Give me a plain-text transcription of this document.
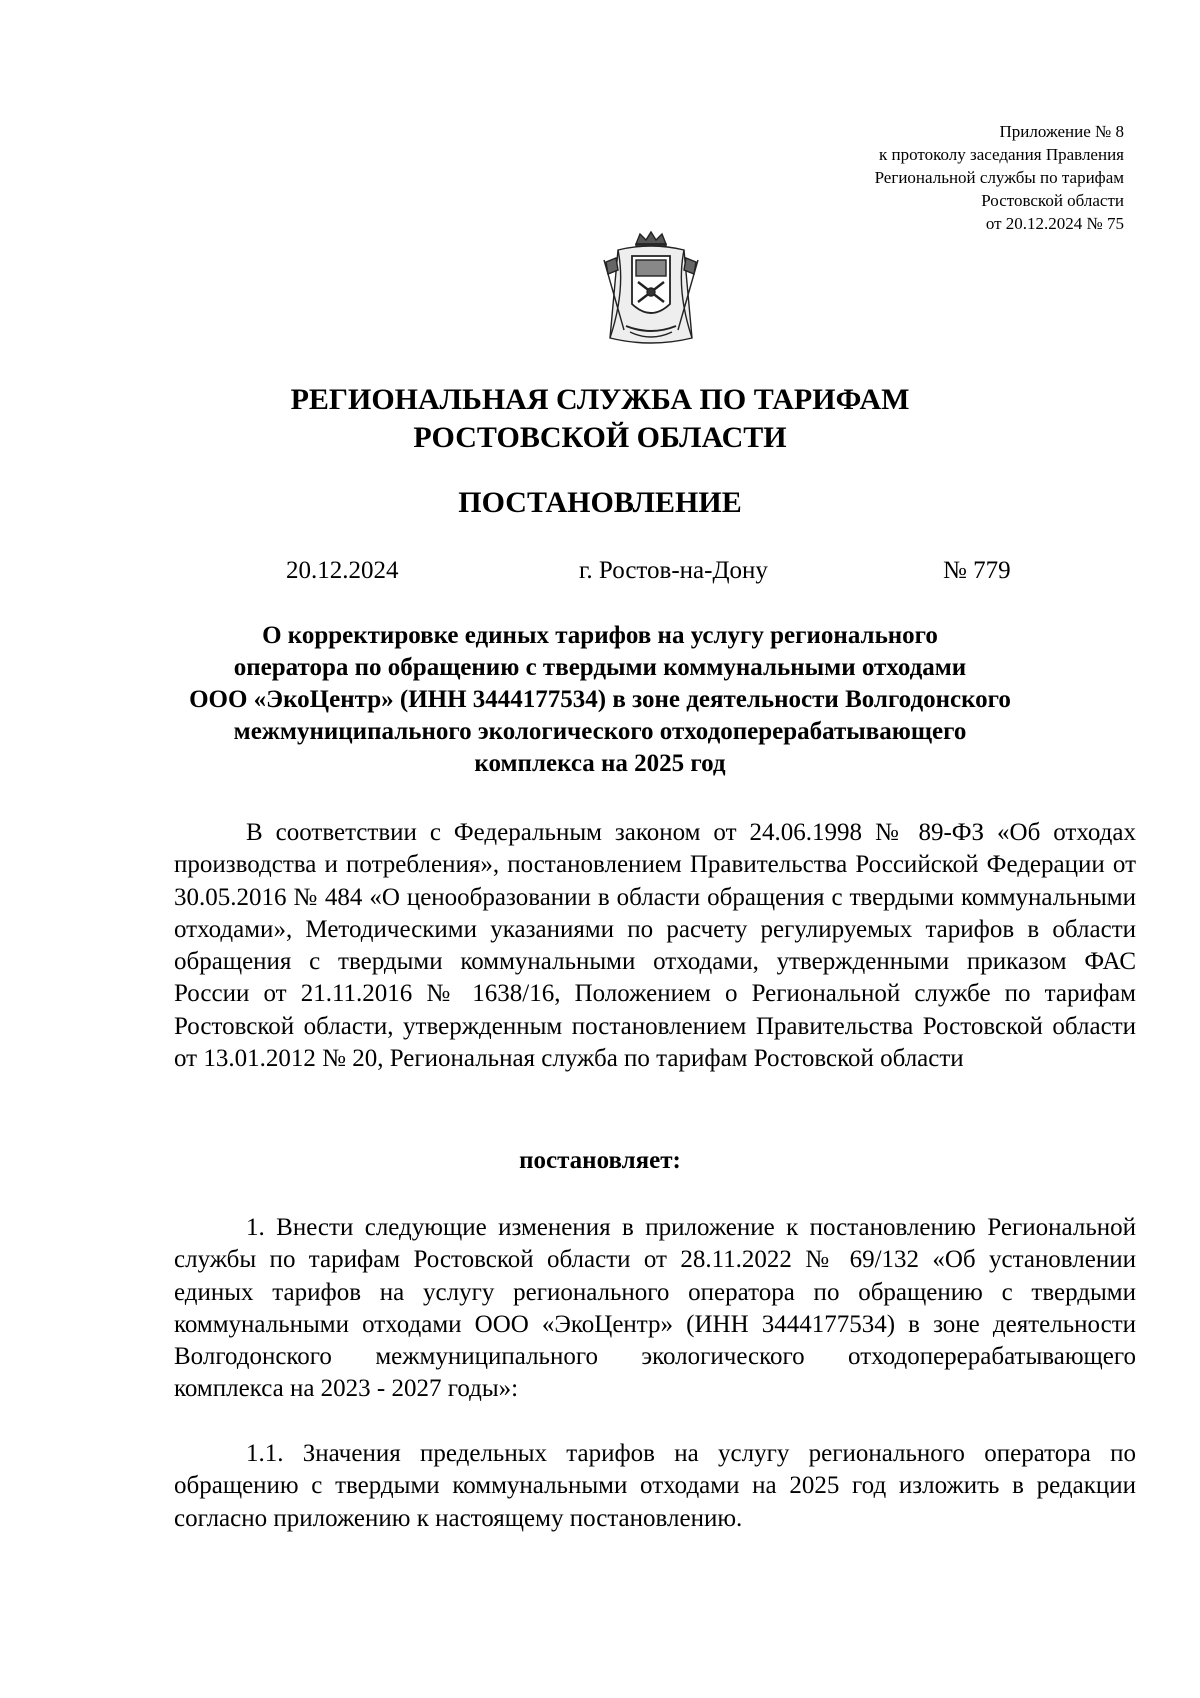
Приложение № 8
к протоколу заседания Правления
Региональной службы по тарифам
Ростовской области
от 20.12.2024 № 75
РЕГИОНАЛЬНАЯ СЛУЖБА ПО ТАРИФАМ
РОСТОВСКОЙ ОБЛАСТИ
ПОСТАНОВЛЕНИЕ
20.12.2024	г. Ростов-на-Дону	№ 779
О корректировке единых тарифов на услугу регионального
оператора по обращению с твердыми коммунальными отходами
ООО «ЭкоЦентр» (ИНН 3444177534) в зоне деятельности Волгодонского
межмуниципального экологического отходоперерабатывающего
комплекса на 2025 год

В соответствии с Федеральным законом от 24.06.1998 № 89-ФЗ «Об отходах производства и потребления», постановлением Правительства Российской Федерации от 30.05.2016 № 484 «О ценообразовании в области обращения с твердыми коммунальными отходами», Методическими указаниями по расчету регулируемых тарифов в области обращения с твердыми коммунальными отходами, утвержденными приказом ФАС России от 21.11.2016 № 1638/16, Положением о Региональной службе по тарифам Ростовской области, утвержденным постановлением Правительства Ростовской области от 13.01.2012 № 20, Региональная служба по тарифам Ростовской области

постановляет:

1. Внести следующие изменения в приложение к постановлению Региональной службы по тарифам Ростовской области от 28.11.2022 № 69/132 «Об установлении единых тарифов на услугу регионального оператора по обращению с твердыми коммунальными отходами ООО «ЭкоЦентр» (ИНН 3444177534) в зоне деятельности Волгодонского межмуниципального экологического отходоперерабатывающего комплекса на 2023 - 2027 годы»:

1.1. Значения предельных тарифов на услугу регионального оператора по обращению с твердыми коммунальными отходами на 2025 год изложить в редакции согласно приложению к настоящему постановлению.
